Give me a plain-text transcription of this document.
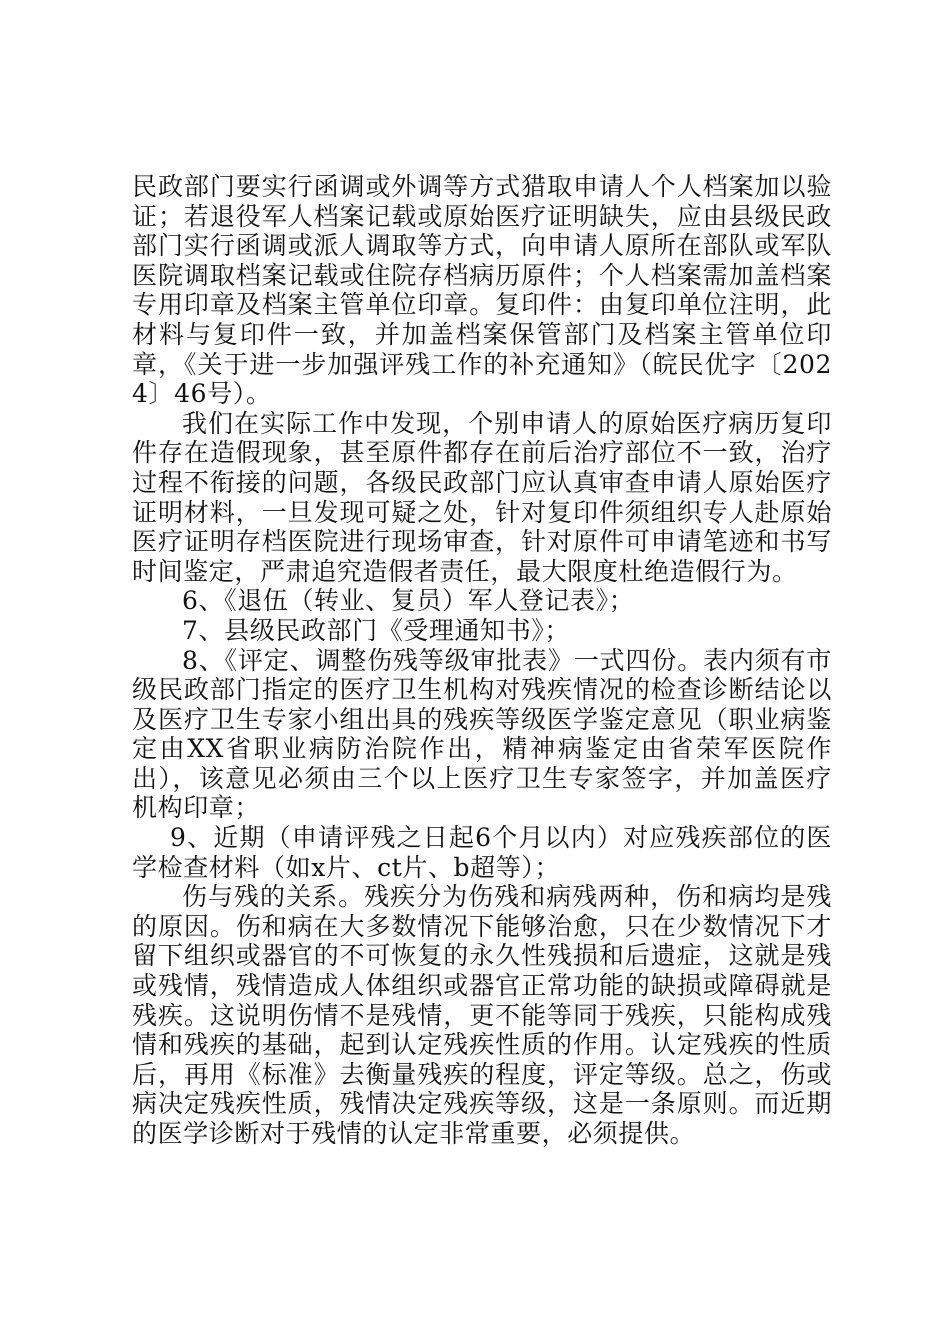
民政部门要实行函调或外调等方式猎取申请人个人档案加以验证；若退役军人档案记载或原始医疗证明缺失，应由县级民政部门实行函调或派人调取等方式，向申请人原所在部队或军队医院调取档案记载或住院存档病历原件；个人档案需加盖档案专用印章及档案主管单位印章。复印件：由复印单位注明，此材料与复印件一致，并加盖档案保管部门及档案主管单位印章，《关于进一步加强评残工作的补充通知》（皖民优字〔2024〕46号）。

我们在实际工作中发现，个别申请人的原始医疗病历复印件存在造假现象，甚至原件都存在前后治疗部位不一致，治疗过程不衔接的问题，各级民政部门应认真审查申请人原始医疗证明材料，一旦发现可疑之处，针对复印件须组织专人赴原始医疗证明存档医院进行现场审查，针对原件可申请笔迹和书写时间鉴定，严肃追究造假者责任，最大限度杜绝造假行为。

6、《退伍（转业、复员）军人登记表》；

7、县级民政部门《受理通知书》；

8、《评定、调整伤残等级审批表》一式四份。表内须有市级民政部门指定的医疗卫生机构对残疾情况的检查诊断结论以及医疗卫生专家小组出具的残疾等级医学鉴定意见（职业病鉴定由XX省职业病防治院作出，精神病鉴定由省荣军医院作出），该意见必须由三个以上医疗卫生专家签字，并加盖医疗机构印章；

9、近期（申请评残之日起6个月以内）对应残疾部位的医学检查材料（如x片、ct片、b超等）；

伤与残的关系。残疾分为伤残和病残两种，伤和病均是残的原因。伤和病在大多数情况下能够治愈，只在少数情况下才留下组织或器官的不可恢复的永久性残损和后遗症，这就是残或残情，残情造成人体组织或器官正常功能的缺损或障碍就是残疾。这说明伤情不是残情，更不能等同于残疾，只能构成残情和残疾的基础，起到认定残疾性质的作用。认定残疾的性质后，再用《标准》去衡量残疾的程度，评定等级。总之，伤或病决定残疾性质，残情决定残疾等级，这是一条原则。而近期的医学诊断对于残情的认定非常重要，必须提供。
